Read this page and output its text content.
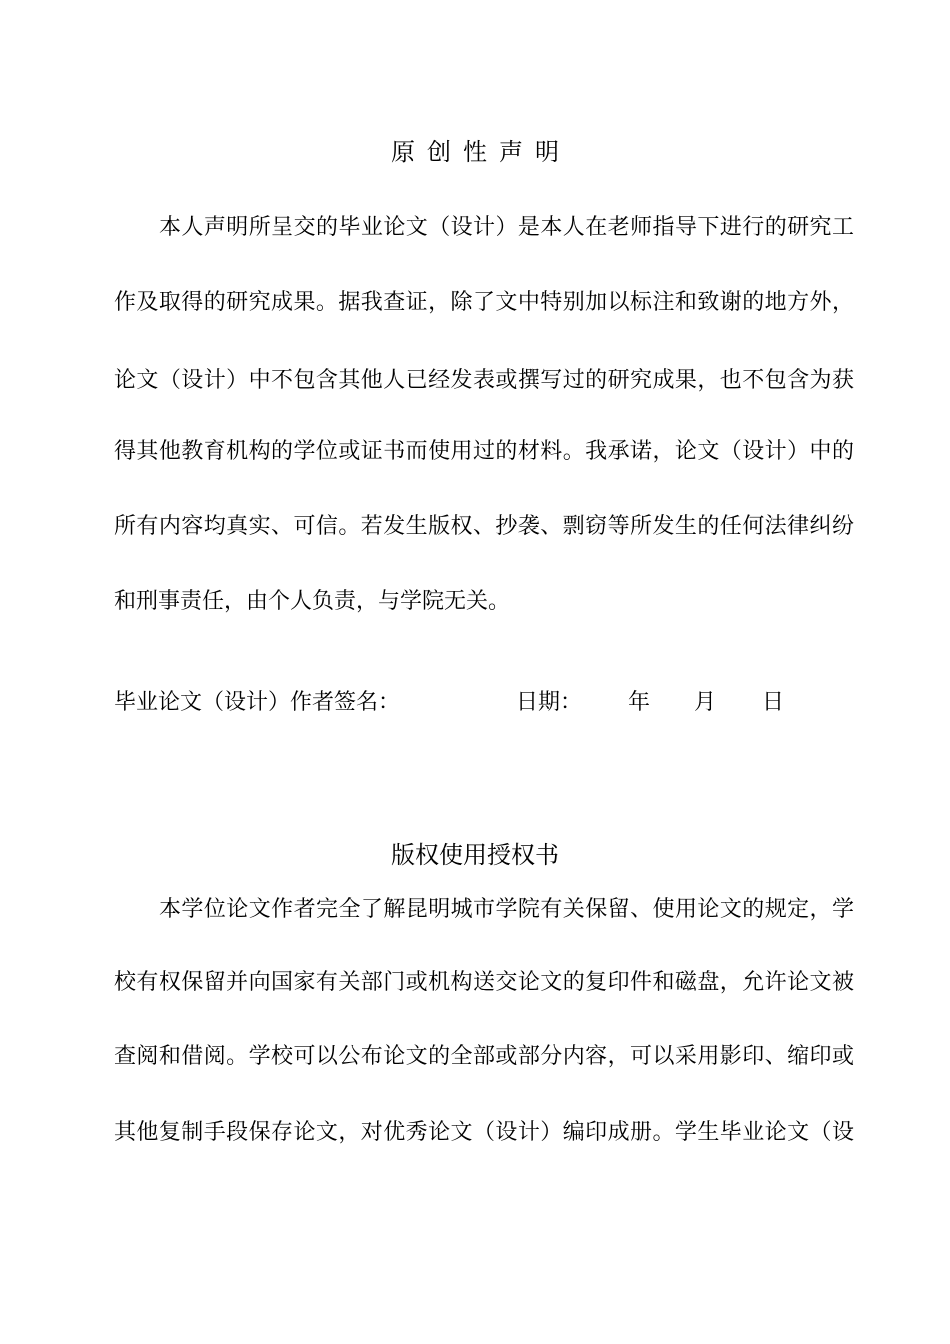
原创性声明
本人声明所呈交的毕业论文（设计）是本人在老师指导下进行的研究工
作及取得的研究成果。据我查证，除了文中特别加以标注和致谢的地方外，
论文（设计）中不包含其他人已经发表或撰写过的研究成果，也不包含为获
得其他教育机构的学位或证书而使用过的材料。我承诺，论文（设计）中的
所有内容均真实、可信。若发生版权、抄袭、剽窃等所发生的任何法律纠纷
和刑事责任，由个人负责，与学院无关。
毕业论文（设计）作者签名：	日期： 年 月 日
版权使用授权书
本学位论文作者完全了解昆明城市学院有关保留、使用论文的规定，学
校有权保留并向国家有关部门或机构送交论文的复印件和磁盘，允许论文被
查阅和借阅。学校可以公布论文的全部或部分内容，可以采用影印、缩印或
其他复制手段保存论文，对优秀论文（设计）编印成册。学生毕业论文（设
